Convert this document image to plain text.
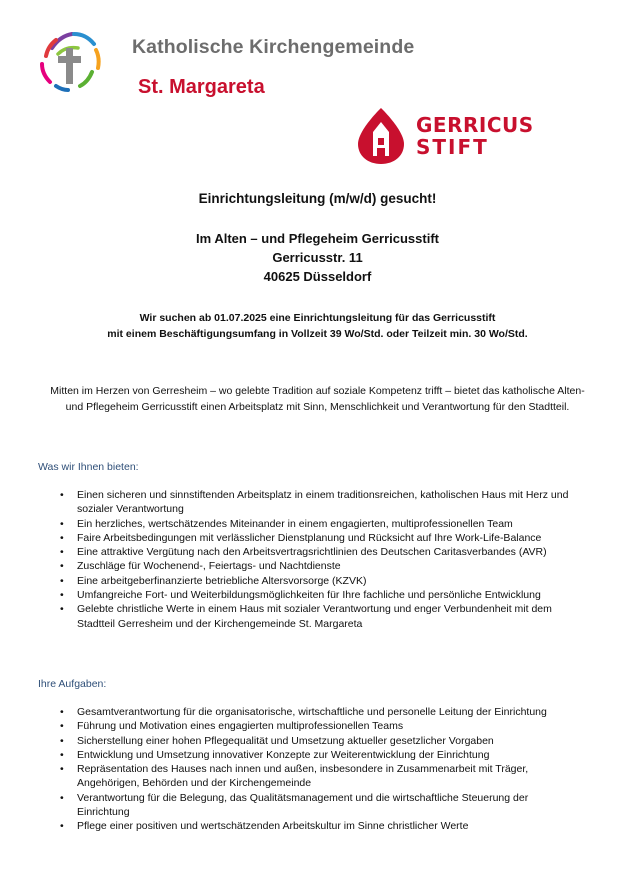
Katholische Kirchengemeinde
St. Margareta
GERRICUS
STIFT
Einrichtungsleitung (m/w/d) gesucht!
Im Alten – und Pflegeheim Gerricusstift
Gerricusstr. 11
40625 Düsseldorf
Wir suchen ab 01.07.2025 eine Einrichtungsleitung für das Gerricusstift
mit einem Beschäftigungsumfang in Vollzeit 39 Wo/Std. oder Teilzeit min. 30 Wo/Std.
Mitten im Herzen von Gerresheim – wo gelebte Tradition auf soziale Kompetenz trifft – bietet das katholische Alten-
und Pflegeheim Gerricusstift einen Arbeitsplatz mit Sinn, Menschlichkeit und Verantwortung für den Stadtteil.
Was wir Ihnen bieten:
• Einen sicheren und sinnstiftenden Arbeitsplatz in einem traditionsreichen, katholischen Haus mit Herz und sozialer Verantwortung
• Ein herzliches, wertschätzendes Miteinander in einem engagierten, multiprofessionellen Team
• Faire Arbeitsbedingungen mit verlässlicher Dienstplanung und Rücksicht auf Ihre Work-Life-Balance
• Eine attraktive Vergütung nach den Arbeitsvertragsrichtlinien des Deutschen Caritasverbandes (AVR)
• Zuschläge für Wochenend-, Feiertags- und Nachtdienste
• Eine arbeitgeberfinanzierte betriebliche Altersvorsorge (KZVK)
• Umfangreiche Fort- und Weiterbildungsmöglichkeiten für Ihre fachliche und persönliche Entwicklung
• Gelebte christliche Werte in einem Haus mit sozialer Verantwortung und enger Verbundenheit mit dem Stadtteil Gerresheim und der Kirchengemeinde St. Margareta
Ihre Aufgaben:
• Gesamtverantwortung für die organisatorische, wirtschaftliche und personelle Leitung der Einrichtung
• Führung und Motivation eines engagierten multiprofessionellen Teams
• Sicherstellung einer hohen Pflegequalität und Umsetzung aktueller gesetzlicher Vorgaben
• Entwicklung und Umsetzung innovativer Konzepte zur Weiterentwicklung der Einrichtung
• Repräsentation des Hauses nach innen und außen, insbesondere in Zusammenarbeit mit Träger, Angehörigen, Behörden und der Kirchengemeinde
• Verantwortung für die Belegung, das Qualitätsmanagement und die wirtschaftliche Steuerung der Einrichtung
• Pflege einer positiven und wertschätzenden Arbeitskultur im Sinne christlicher Werte
